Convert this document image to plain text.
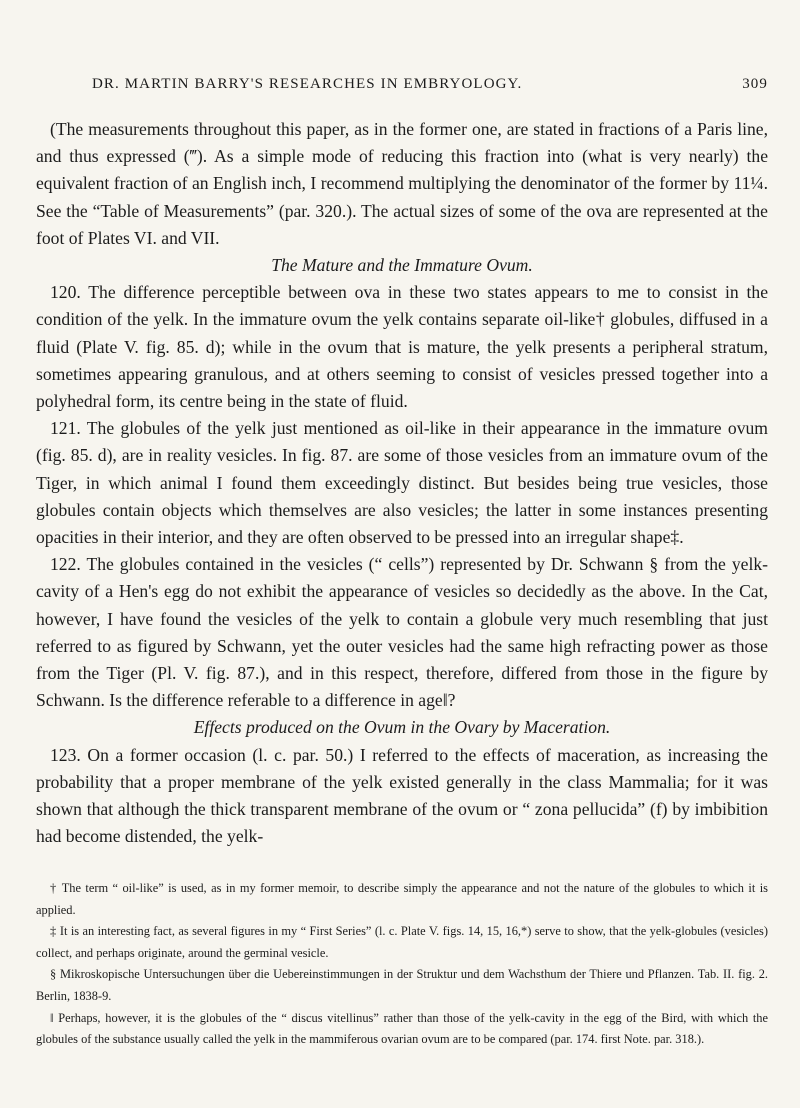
DR. MARTIN BARRY'S RESEARCHES IN EMBRYOLOGY.	309

(The measurements throughout this paper, as in the former one, are stated in fractions of a Paris line, and thus expressed (‴). As a simple mode of reducing this fraction into (what is very nearly) the equivalent fraction of an English inch, I recommend multiplying the denominator of the former by 11¼. See the “Table of Measurements” (par. 320.). The actual sizes of some of the ova are represented at the foot of Plates VI. and VII.

The Mature and the Immature Ovum.

120. The difference perceptible between ova in these two states appears to me to consist in the condition of the yelk. In the immature ovum the yelk contains separate oil-like† globules, diffused in a fluid (Plate V. fig. 85. d); while in the ovum that is mature, the yelk presents a peripheral stratum, sometimes appearing granulous, and at others seeming to consist of vesicles pressed together into a polyhedral form, its centre being in the state of fluid.

121. The globules of the yelk just mentioned as oil-like in their appearance in the immature ovum (fig. 85. d), are in reality vesicles. In fig. 87. are some of those vesicles from an immature ovum of the Tiger, in which animal I found them exceedingly distinct. But besides being true vesicles, those globules contain objects which themselves are also vesicles; the latter in some instances presenting opacities in their interior, and they are often observed to be pressed into an irregular shape‡.

122. The globules contained in the vesicles (“ cells”) represented by Dr. Schwann § from the yelk-cavity of a Hen's egg do not exhibit the appearance of vesicles so decidedly as the above. In the Cat, however, I have found the vesicles of the yelk to contain a globule very much resembling that just referred to as figured by Schwann, yet the outer vesicles had the same high refracting power as those from the Tiger (Pl. V. fig. 87.), and in this respect, therefore, differed from those in the figure by Schwann. Is the difference referable to a difference in age‖?

Effects produced on the Ovum in the Ovary by Maceration.

123. On a former occasion (l. c. par. 50.) I referred to the effects of maceration, as increasing the probability that a proper membrane of the yelk existed generally in the class Mammalia; for it was shown that although the thick transparent membrane of the ovum or “ zona pellucida” (f) by imbibition had become distended, the yelk-

† The term “ oil-like” is used, as in my former memoir, to describe simply the appearance and not the nature of the globules to which it is applied.

‡ It is an interesting fact, as several figures in my “ First Series” (l. c. Plate V. figs. 14, 15, 16,*) serve to show, that the yelk-globules (vesicles) collect, and perhaps originate, around the germinal vesicle.

§ Mikroskopische Untersuchungen über die Uebereinstimmungen in der Struktur und dem Wachsthum der Thiere und Pflanzen. Tab. II. fig. 2. Berlin, 1838-9.

‖ Perhaps, however, it is the globules of the “ discus vitellinus” rather than those of the yelk-cavity in the egg of the Bird, with which the globules of the substance usually called the yelk in the mammiferous ovarian ovum are to be compared (par. 174. first Note. par. 318.).
